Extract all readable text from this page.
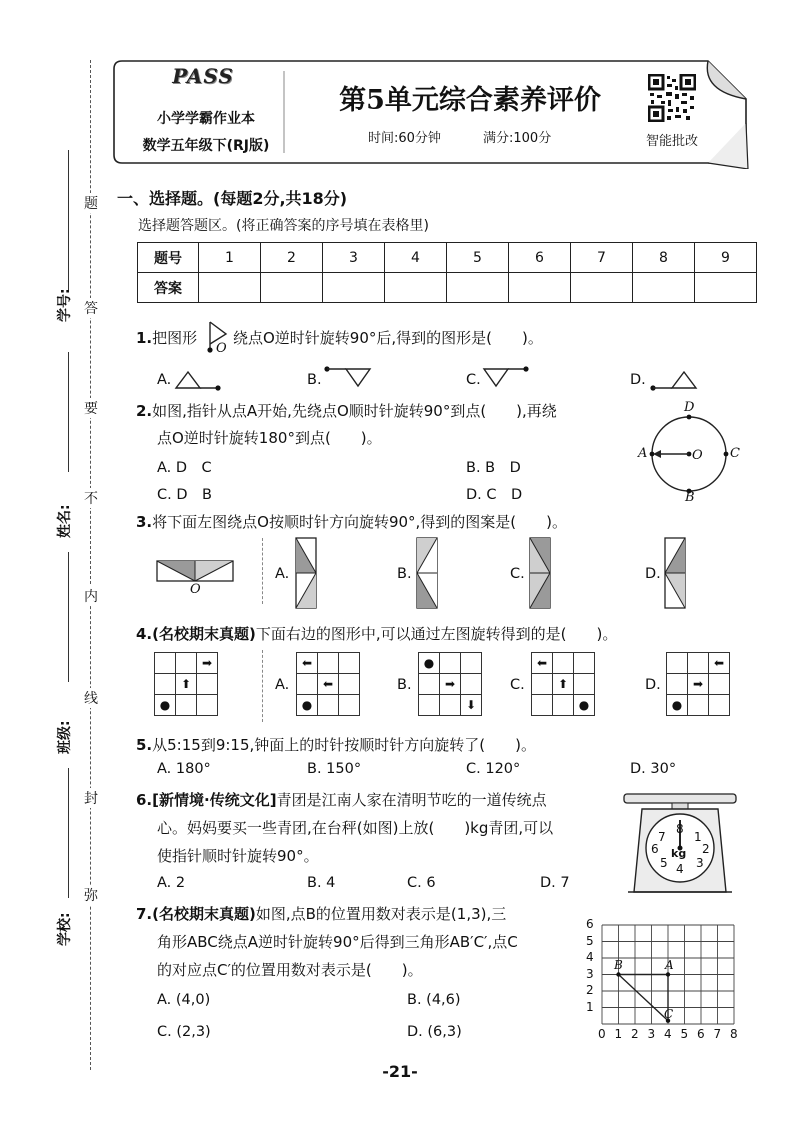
题
答
要
不
内
线
封
弥
学号:
姓名:
班级:
学校:
PASS
小学学霸作业本
数学五年级下(RJ版)
第5单元综合素养评价
时间:60分钟	满分:100分	智能批改
一、选择题。(每题2分,共18分)
选择题答题区。(将正确答案的序号填在表格里)
题号	1	2	3	4	5	6	7	8	9
答案									
1.把图形
O
绕点O逆时针旋转90°后,得到的图形是(　　)。
A.	B.	C.	D.
2.如图,指针从点A开始,先绕点O顺时针旋转90°到点(　　),再绕
点O逆时针旋转180°到点(　　)。
A. D　C	B. B　D
C. D　B	D. C　D
D
A	C
B
O
3.将下面左图绕点O按顺时针方向旋转90°,得到的图案是(　　)。
O
A.	B.	C.	D.
4.(名校期末真题)下面右边的图形中,可以通过左图旋转得到的是(　　)。
		➡
	⬆	
●		
A.
⬅		
	⬅	
●		
B.
●		
	➡	
		⬇
C.
⬅		
	⬆	
		●
D.
		⬅
	➡	
●		
5.从5:15到9:15,钟面上的时针按顺时针方向旋转了(　　)。
A. 180°	B. 150°	C. 120°	D. 30°
6.[新情境·传统文化]青团是江南人家在清明节吃的一道传统点
心。妈妈要买一些青团,在台秤(如图)上放(　　)kg青团,可以
使指针顺时针旋转90°。
A. 2	B. 4	C. 6	D. 7
8
1
2
3
4
5
6
7
kg
7.(名校期末真题)如图,点B的位置用数对表示是(1,3),三
角形ABC绕点A逆时针旋转90°后得到三角形AB′C′,点C
的对应点C′的位置用数对表示是(　　)。
A. (4,0)	B. (4,6)
C. (2,3)	D. (6,3)	0 1 2 3 4 5 6 7 8
1
2
3
4
5
6
B	A
C
-21-
